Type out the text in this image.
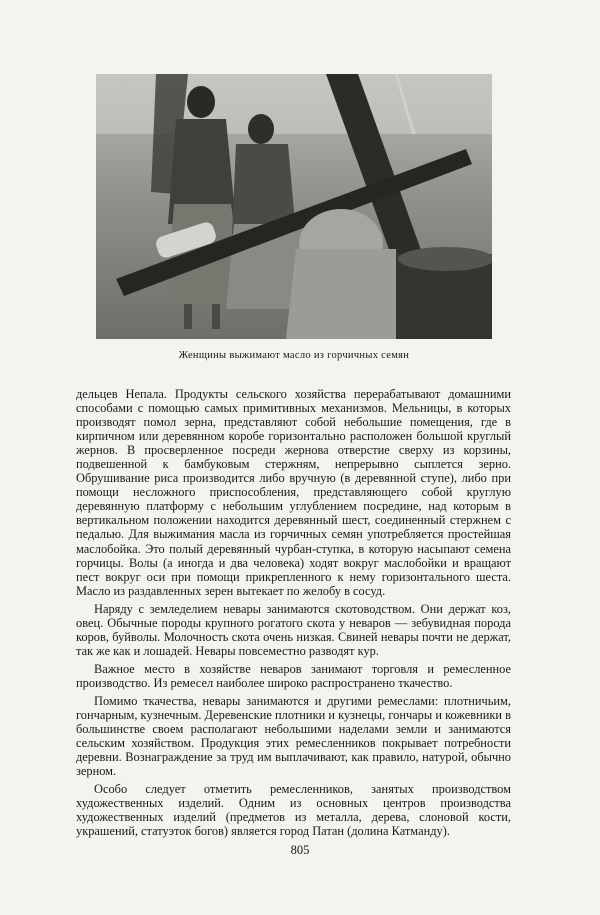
Женщины выжимают масло из горчичных семян

дельцев Непала. Продукты сельского хозяйства перерабатывают домашними способами с помощью самых примитивных механизмов. Мельницы, в которых производят помол зерна, представляют собой небольшие помещения, где в кирпичном или деревянном коробе горизонтально расположен большой круглый жернов. В просверленное посреди жернова отверстие сверху из корзины, подвешенной к бамбуковым стержням, непрерывно сыплется зерно. Обрушивание риса производится либо вручную (в деревянной ступе), либо при помощи несложного приспособления, представляющего собой круглую деревянную платформу с небольшим углублением посредине, над которым в вертикальном положении находится деревянный шест, соединенный стержнем с педалью. Для выжимания масла из горчичных семян употребляется простейшая маслобойка. Это полый деревянный чурбан-ступка, в которую насыпают семена горчицы. Волы (а иногда и два человека) ходят вокруг маслобойки и вращают пест вокруг оси при помощи прикрепленного к нему горизонтального шеста. Масло из раздавленных зерен вытекает по желобу в сосуд.

Наряду с земледелием невары занимаются скотоводством. Они держат коз, овец. Обычные породы крупного рогатого скота у неваров — зебувидная порода коров, буйволы. Молочность скота очень низкая. Свиней невары почти не держат, так же как и лошадей. Невары повсеместно разводят кур.

Важное место в хозяйстве неваров занимают торговля и ремесленное производство. Из ремесел наиболее широко распространено ткачество.

Помимо ткачества, невары занимаются и другими ремеслами: плотничьим, гончарным, кузнечным. Деревенские плотники и кузнецы, гончары и кожевники в большинстве своем располагают небольшими наделами земли и занимаются сельским хозяйством. Продукция этих ремесленников покрывает потребности деревни. Вознаграждение за труд им выплачивают, как правило, натурой, обычно зерном.

Особо следует отметить ремесленников, занятых производством художественных изделий. Одним из основных центров производства художественных изделий (предметов из металла, дерева, слоновой кости, украшений, статуэток богов) является город Патан (долина Катманду).

805
